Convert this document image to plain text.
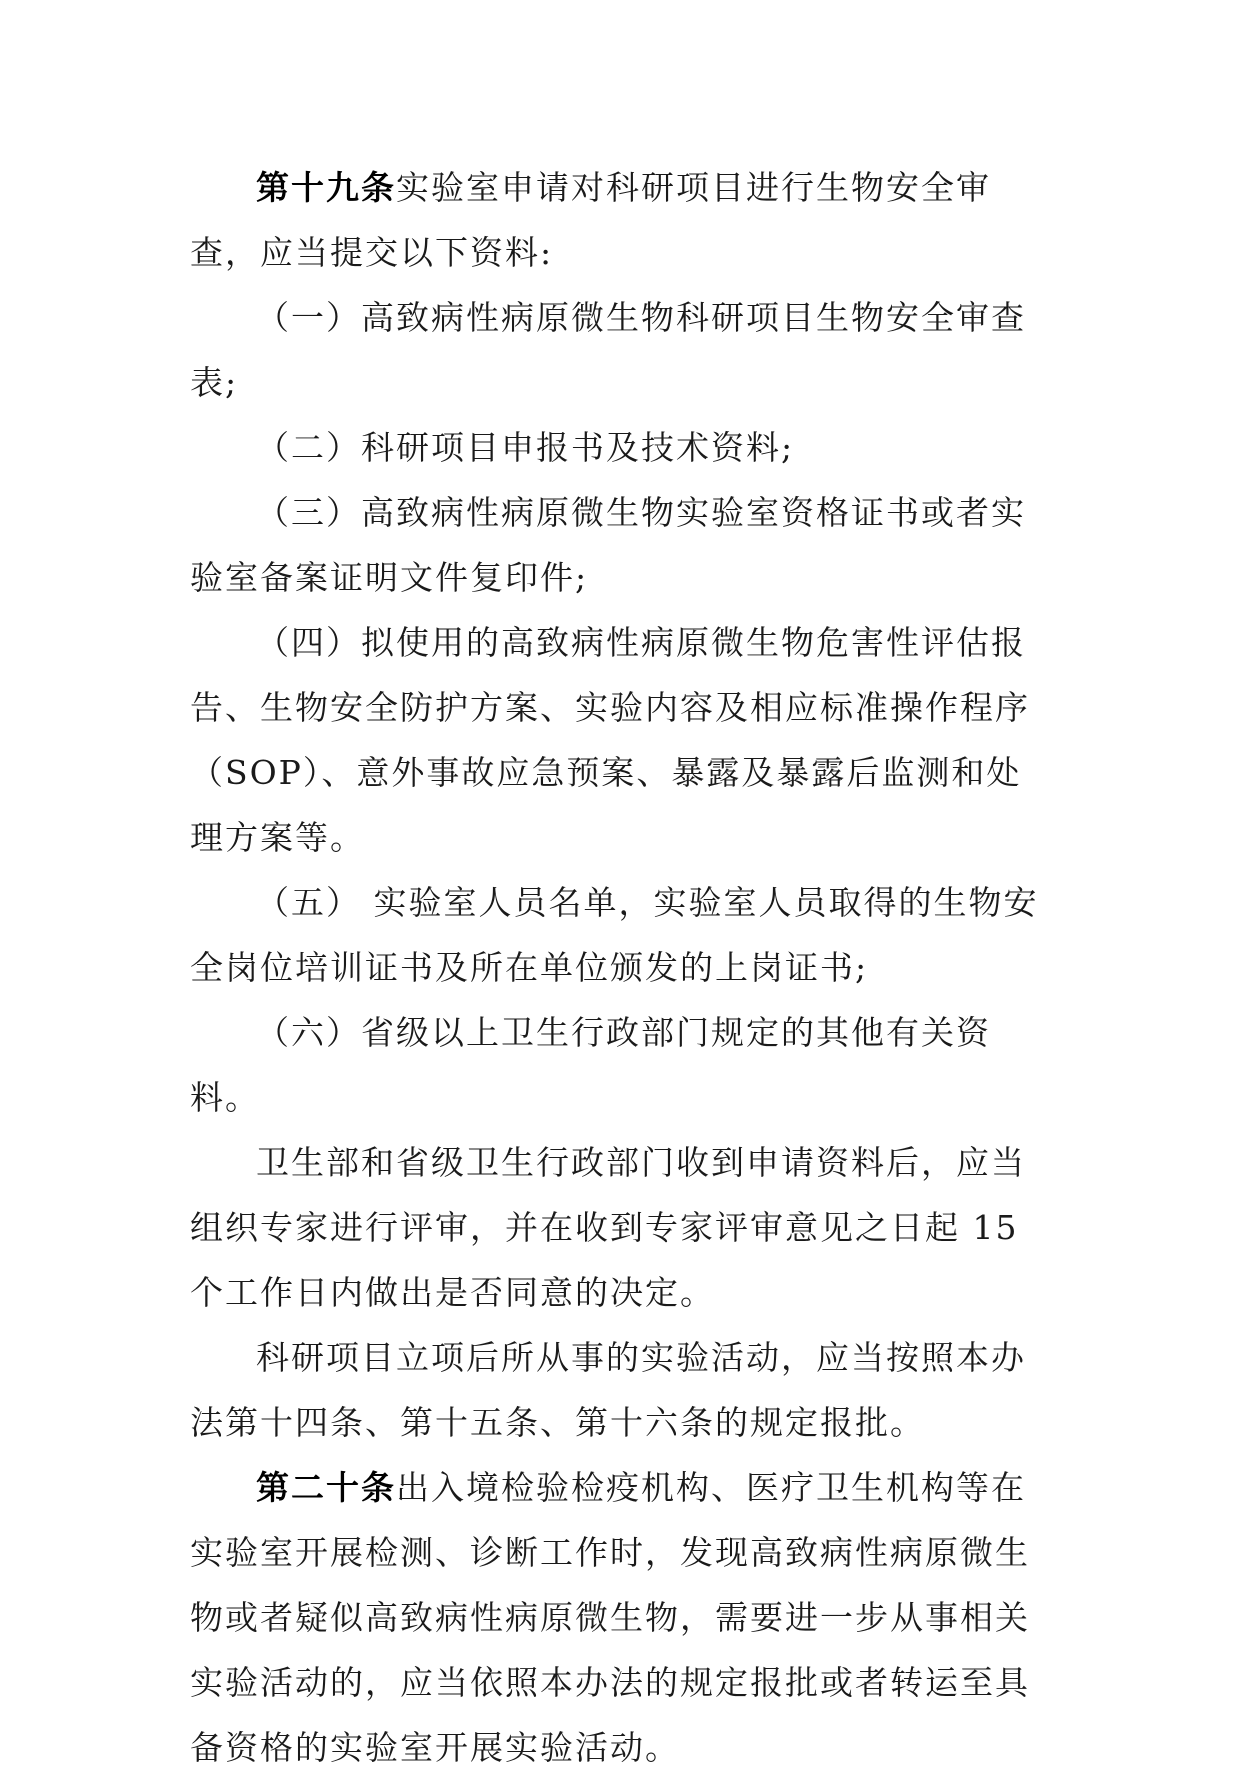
第十九条实验室申请对科研项目进行生物安全审查，应当提交以下资料:

（一）高致病性病原微生物科研项目生物安全审查表;

（二）科研项目申报书及技术资料;

（三）高致病性病原微生物实验室资格证书或者实验室备案证明文件复印件;

（四）拟使用的高致病性病原微生物危害性评估报告、生物安全防护方案、实验内容及相应标准操作程序（SOP）、意外事故应急预案、暴露及暴露后监测和处理方案等。

（五） 实验室人员名单，实验室人员取得的生物安全岗位培训证书及所在单位颁发的上岗证书;

（六）省级以上卫生行政部门规定的其他有关资料。

卫生部和省级卫生行政部门收到申请资料后，应当组织专家进行评审，并在收到专家评审意见之日起 15 个工作日内做出是否同意的决定。

科研项目立项后所从事的实验活动，应当按照本办法第十四条、第十五条、第十六条的规定报批。

第二十条出入境检验检疫机构、医疗卫生机构等在实验室开展检测、诊断工作时，发现高致病性病原微生物或者疑似高致病性病原微生物，需要进一步从事相关实验活动的，应当依照本办法的规定报批或者转运至具备资格的实验室开展实验活动。
